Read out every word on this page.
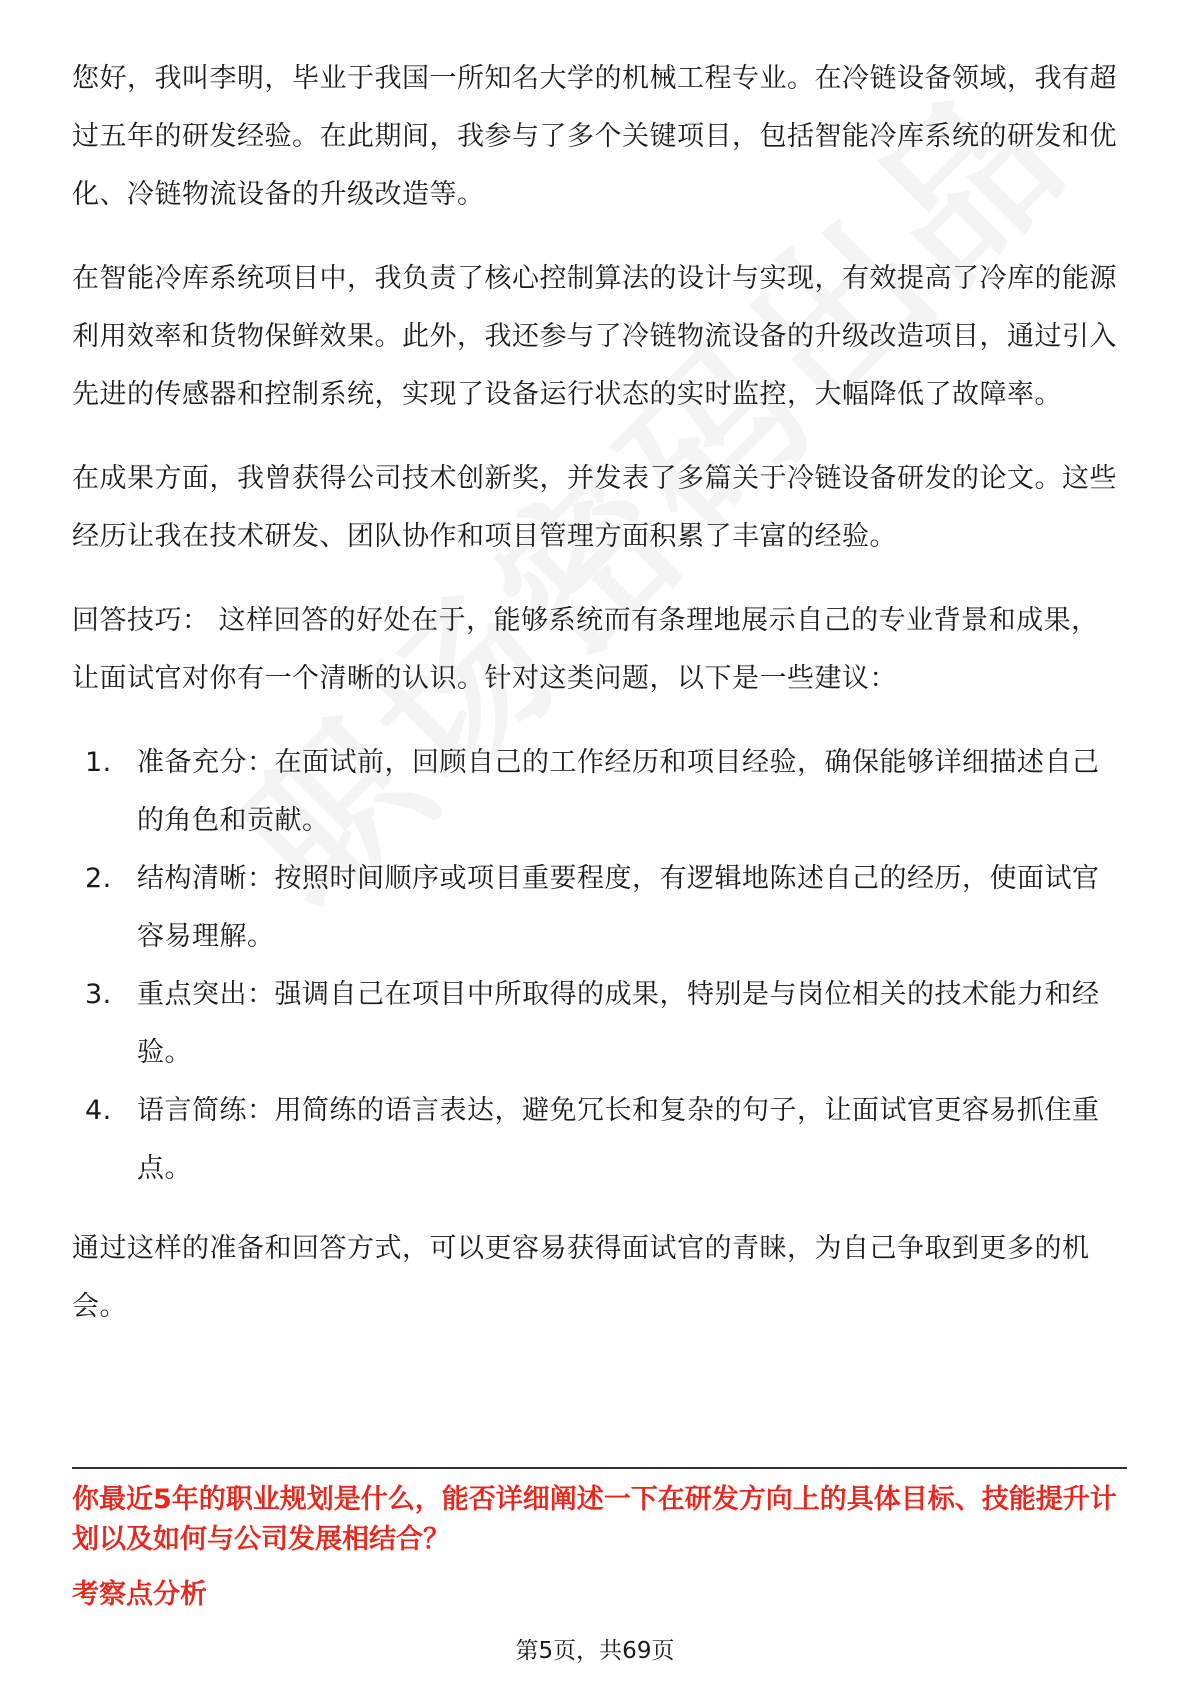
您好，我叫李明，毕业于我国一所知名大学的机械工程专业。在冷链设备领域，我有超过五年的研发经验。在此期间，我参与了多个关键项目，包括智能冷库系统的研发和优化、冷链物流设备的升级改造等。

在智能冷库系统项目中，我负责了核心控制算法的设计与实现，有效提高了冷库的能源利用效率和货物保鲜效果。此外，我还参与了冷链物流设备的升级改造项目，通过引入先进的传感器和控制系统，实现了设备运行状态的实时监控，大幅降低了故障率。

在成果方面，我曾获得公司技术创新奖，并发表了多篇关于冷链设备研发的论文。这些经历让我在技术研发、团队协作和项目管理方面积累了丰富的经验。

回答技巧： 这样回答的好处在于，能够系统而有条理地展示自己的专业背景和成果，让面试官对你有一个清晰的认识。针对这类问题，以下是一些建议：

1. 准备充分：在面试前，回顾自己的工作经历和项目经验，确保能够详细描述自己的角色和贡献。
2. 结构清晰：按照时间顺序或项目重要程度，有逻辑地陈述自己的经历，使面试官容易理解。
3. 重点突出：强调自己在项目中所取得的成果，特别是与岗位相关的技术能力和经验。
4. 语言简练：用简练的语言表达，避免冗长和复杂的句子，让面试官更容易抓住重点。

通过这样的准备和回答方式，可以更容易获得面试官的青睐，为自己争取到更多的机会。

你最近5年的职业规划是什么，能否详细阐述一下在研发方向上的具体目标、技能提升计划以及如何与公司发展相结合？

考察点分析

第5页，共69页
